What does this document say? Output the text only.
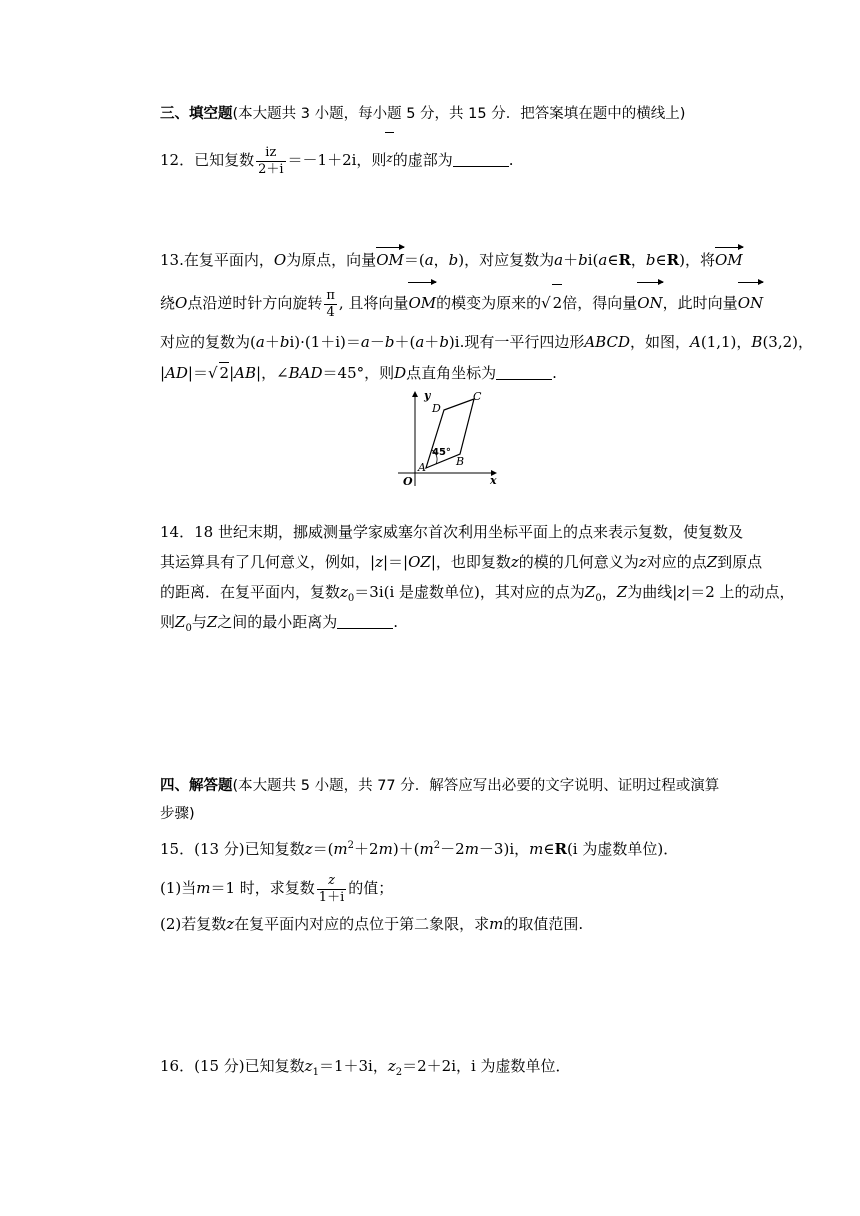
三、填空题(本大题共 3 小题，每小题 5 分，共 15 分．把答案填在题中的横线上)
12．已知复数 $\frac{iz}{2+i} =-1+2i$，则z的虚部为	.
13.在复平面内，O为原点，向量OM＝(a，b)，对应复数为a＋bi(a∈R，b∈R)，将OM
绕O点沿逆时针方向旋转 $\frac{\pi}{4}$ , 且将向量OM的模变为原来的√ 2倍，得向量ON，此时向量ON
对应的复数为(a＋bi)·(1＋i)＝a－b＋(a＋b)i.现有一平行四边形ABCD，如图，A(1,1)，B(3,2)，
|AD|＝√ 2|AB|，∠BAD＝45°，则D点直角坐标为	.
y
x
O
A	B
C
D
45°
14．18 世纪末期，挪威测量学家威塞尔首次利用坐标平面上的点来表示复数，使复数及
其运算具有了几何意义，例如，|z|＝|OZ|，也即复数z的模的几何意义为z对应的点Z到原点
的距离．在复平面内，复数$z_0=3i(i$ 是虚数单位)，其对应的点为$Z_0$，Z为曲线|z|＝2 上的动点，
则$Z_0$与Z之间的最小距离为	.
四、解答题(本大题共 5 小题，共 77 分．解答应写出必要的文字说明、证明过程或演算
步骤)
15．(13 分)已知复数$z=(m^2+2m)+(m^2-2m-3)i$，m∈R(i 为虚数单位)．
(1)当m＝1 时，求复数 $\frac{z}{1+i}$ 的值；
(2)若复数z在复平面内对应的点位于第二象限，求m的取值范围.
16．(15 分)已知复数$z_1=1+3i$，$z_2=2+2i$，i 为虚数单位．
